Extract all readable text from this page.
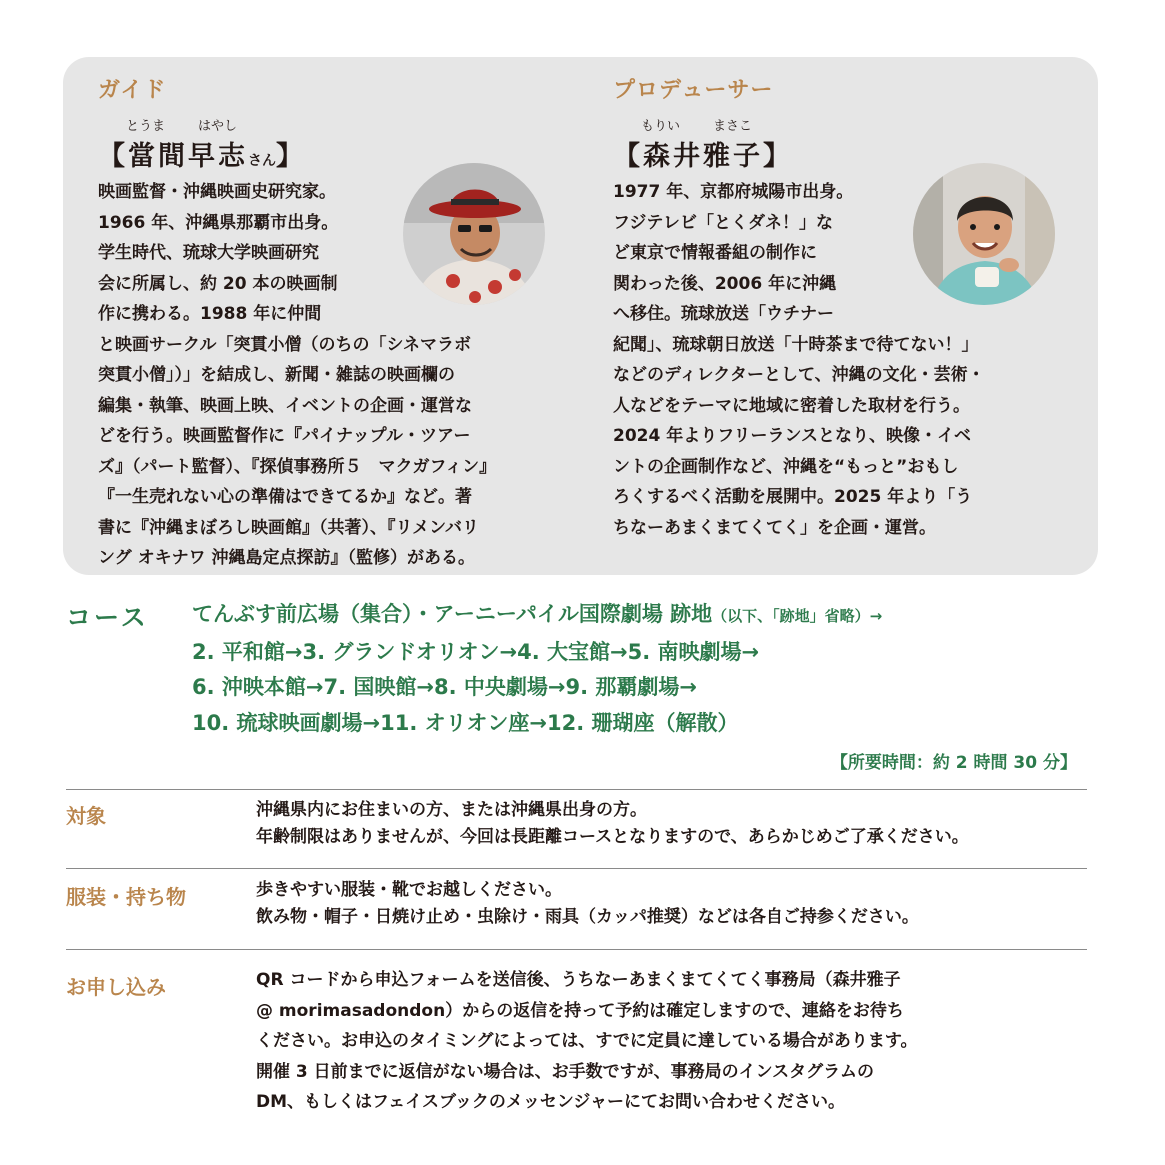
ガイド
とうま	はやし
【當間早志さん】
映画監督・沖縄映画史研究家。
1966 年、沖縄県那覇市出身。
学生時代、琉球大学映画研究
会に所属し、約 20 本の映画制
作に携わる。1988 年に仲間
と映画サークル「突貫小僧（のちの「シネマラボ
突貫小僧」）」を結成し、新聞・雑誌の映画欄の
編集・執筆、映画上映、イベントの企画・運営な
どを行う。映画監督作に『パイナップル・ツアー
ズ』（パート監督）、『探偵事務所５　マクガフィン』
『一生売れない心の準備はできてるか』など。著
書に『沖縄まぼろし映画館』（共著）、『リメンバリ
ング オキナワ 沖縄島定点探訪』（監修）がある。
プロデューサー
もりい	まさこ
【森井雅子】
1977 年、京都府城陽市出身。
フジテレビ「とくダネ！」な
ど東京で情報番組の制作に
関わった後、2006 年に沖縄
へ移住。琉球放送「ウチナー
紀聞」、琉球朝日放送「十時茶まで待てない！」
などのディレクターとして、沖縄の文化・芸術・
人などをテーマに地域に密着した取材を行う。
2024 年よりフリーランスとなり、映像・イベ
ントの企画制作など、沖縄を“もっと”おもし
ろくするべく活動を展開中。2025 年より「う
ちなーあまくまてくてく」を企画・運営。
コース てんぶす前広場（集合）・アーニーパイル国際劇場 跡地（以下、「跡地」省略）→
2. 平和館→3. グランドオリオン→4. 大宝館→5. 南映劇場→
6. 沖映本館→7. 国映館→8. 中央劇場→9. 那覇劇場→
10. 琉球映画劇場→11. オリオン座→12. 珊瑚座（解散）
【所要時間：約 2 時間 30 分】
対象	沖縄県内にお住まいの方、または沖縄県出身の方。
年齢制限はありませんが、今回は長距離コースとなりますので、あらかじめご了承ください。
服装・持ち物	歩きやすい服装・靴でお越しください。
飲み物・帽子・日焼け止め・虫除け・雨具（カッパ推奨）などは各自ご持参ください。
お申し込み	QR コードから申込フォームを送信後、うちなーあまくまてくてく事務局（森井雅子
@ morimasadondon）からの返信を持って予約は確定しますので、連絡をお待ち
ください。お申込のタイミングによっては、すでに定員に達している場合があります。
開催 3 日前までに返信がない場合は、お手数ですが、事務局のインスタグラムの
DM、もしくはフェイスブックのメッセンジャーにてお問い合わせください。
